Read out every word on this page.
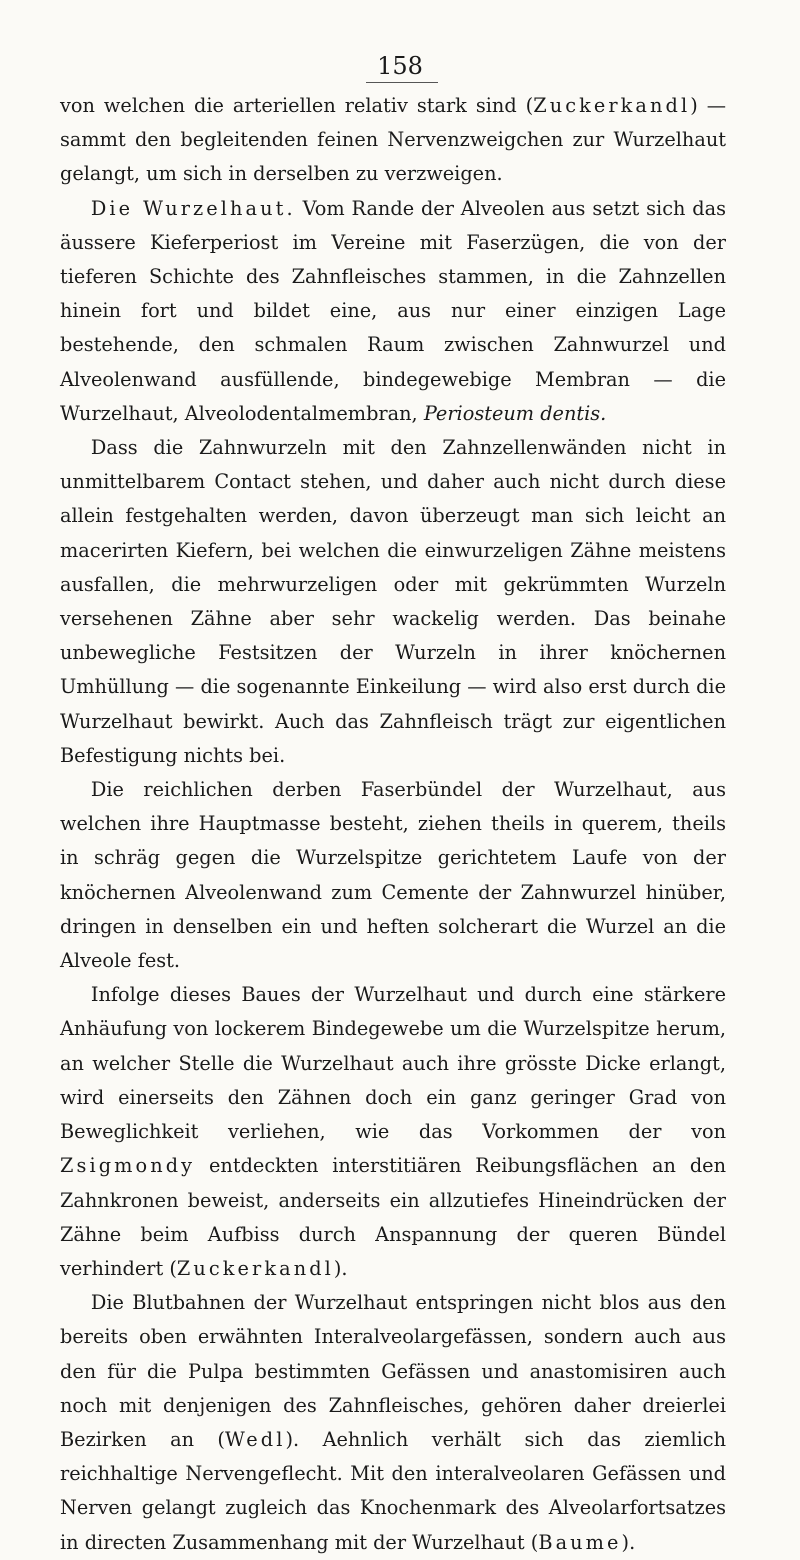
158

von welchen die arteriellen relativ stark sind (Zuckerkandl) — sammt den begleitenden feinen Nervenzweigchen zur Wurzelhaut gelangt, um sich in derselben zu verzweigen.

Die Wurzelhaut. Vom Rande der Alveolen aus setzt sich das äussere Kieferperiost im Vereine mit Faserzügen, die von der tieferen Schichte des Zahnfleisches stammen, in die Zahnzellen hinein fort und bildet eine, aus nur einer einzigen Lage bestehende, den schmalen Raum zwischen Zahnwurzel und Alveolenwand ausfüllende, bindegewebige Membran — die Wurzelhaut, Alveolodentalmembran, Periosteum dentis.

Dass die Zahnwurzeln mit den Zahnzellenwänden nicht in unmittelbarem Contact stehen, und daher auch nicht durch diese allein festgehalten werden, davon überzeugt man sich leicht an macerirten Kiefern, bei welchen die einwurzeligen Zähne meistens ausfallen, die mehrwurzeligen oder mit gekrümmten Wurzeln versehenen Zähne aber sehr wackelig werden. Das beinahe unbewegliche Festsitzen der Wurzeln in ihrer knöchernen Umhüllung — die sogenannte Einkeilung — wird also erst durch die Wurzelhaut bewirkt. Auch das Zahnfleisch trägt zur eigentlichen Befestigung nichts bei.

Die reichlichen derben Faserbündel der Wurzelhaut, aus welchen ihre Hauptmasse besteht, ziehen theils in querem, theils in schräg gegen die Wurzelspitze gerichtetem Laufe von der knöchernen Alveolenwand zum Cemente der Zahnwurzel hinüber, dringen in denselben ein und heften solcherart die Wurzel an die Alveole fest.

Infolge dieses Baues der Wurzelhaut und durch eine stärkere Anhäufung von lockerem Bindegewebe um die Wurzelspitze herum, an welcher Stelle die Wurzelhaut auch ihre grösste Dicke erlangt, wird einerseits den Zähnen doch ein ganz geringer Grad von Beweglichkeit verliehen, wie das Vorkommen der von Zsigmondy entdeckten interstitiären Reibungsflächen an den Zahnkronen beweist, anderseits ein allzutiefes Hineindrücken der Zähne beim Aufbiss durch Anspannung der queren Bündel verhindert (Zuckerkandl).

Die Blutbahnen der Wurzelhaut entspringen nicht blos aus den bereits oben erwähnten Interalveolargefässen, sondern auch aus den für die Pulpa bestimmten Gefässen und anastomisiren auch noch mit denjenigen des Zahnfleisches, gehören daher dreierlei Bezirken an (Wedl). Aehnlich verhält sich das ziemlich reichhaltige Nervengeflecht. Mit den interalveolaren Gefässen und Nerven gelangt zugleich das Knochenmark des Alveolarfortsatzes in directen Zusammenhang mit der Wurzelhaut (Baume).
